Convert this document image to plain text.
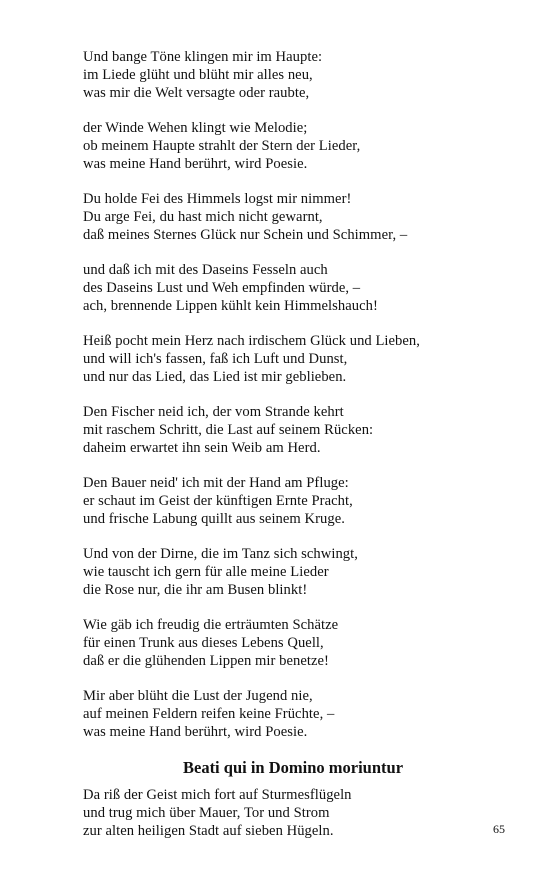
Und bange Töne klingen mir im Haupte:
im Liede glüht und blüht mir alles neu,
was mir die Welt versagte oder raubte,
der Winde Wehen klingt wie Melodie;
ob meinem Haupte strahlt der Stern der Lieder,
was meine Hand berührt, wird Poesie.
Du holde Fei des Himmels logst mir nimmer!
Du arge Fei, du hast mich nicht gewarnt,
daß meines Sternes Glück nur Schein und Schimmer, –
und daß ich mit des Daseins Fesseln auch
des Daseins Lust und Weh empfinden würde, –
ach, brennende Lippen kühlt kein Himmelshauch!
Heiß pocht mein Herz nach irdischem Glück und Lieben,
und will ich's fassen, faß ich Luft und Dunst,
und nur das Lied, das Lied ist mir geblieben.
Den Fischer neid ich, der vom Strande kehrt
mit raschem Schritt, die Last auf seinem Rücken:
daheim erwartet ihn sein Weib am Herd.
Den Bauer neid' ich mit der Hand am Pfluge:
er schaut im Geist der künftigen Ernte Pracht,
und frische Labung quillt aus seinem Kruge.
Und von der Dirne, die im Tanz sich schwingt,
wie tauscht ich gern für alle meine Lieder
die Rose nur, die ihr am Busen blinkt!
Wie gäb ich freudig die erträumten Schätze
für einen Trunk aus dieses Lebens Quell,
daß er die glühenden Lippen mir benetze!
Mir aber blüht die Lust der Jugend nie,
auf meinen Feldern reifen keine Früchte, –
was meine Hand berührt, wird Poesie.
Beati qui in Domino moriuntur
Da riß der Geist mich fort auf Sturmesflügeln
und trug mich über Mauer, Tor und Strom
zur alten heiligen Stadt auf sieben Hügeln.	65
